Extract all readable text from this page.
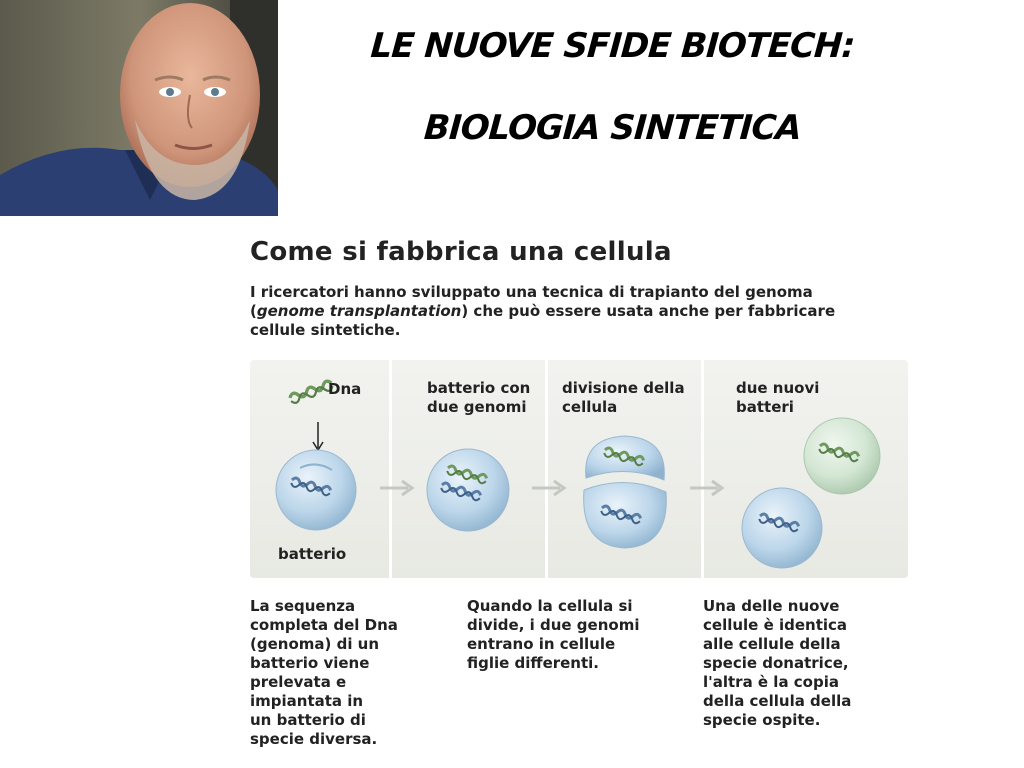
LE NUOVE SFIDE BIOTECH:
BIOLOGIA SINTETICA
Come si fabbrica una cellula

I ricercatori hanno sviluppato una tecnica di trapianto del genoma (genome transplantation) che può essere usata anche per fabbricare cellule sintetiche.

Dna

batterio

batterio con due genomi

divisione della cellula

due nuovi batteri

La sequenza
completa del Dna
(genoma) di un
batterio viene
prelevata e
impiantata in
un batterio di
specie diversa.

Quando la cellula si
divide, i due genomi
entrano in cellule
figlie differenti.

Una delle nuove
cellule è identica
alle cellule della
specie donatrice,
l'altra è la copia
della cellula della
specie ospite.
